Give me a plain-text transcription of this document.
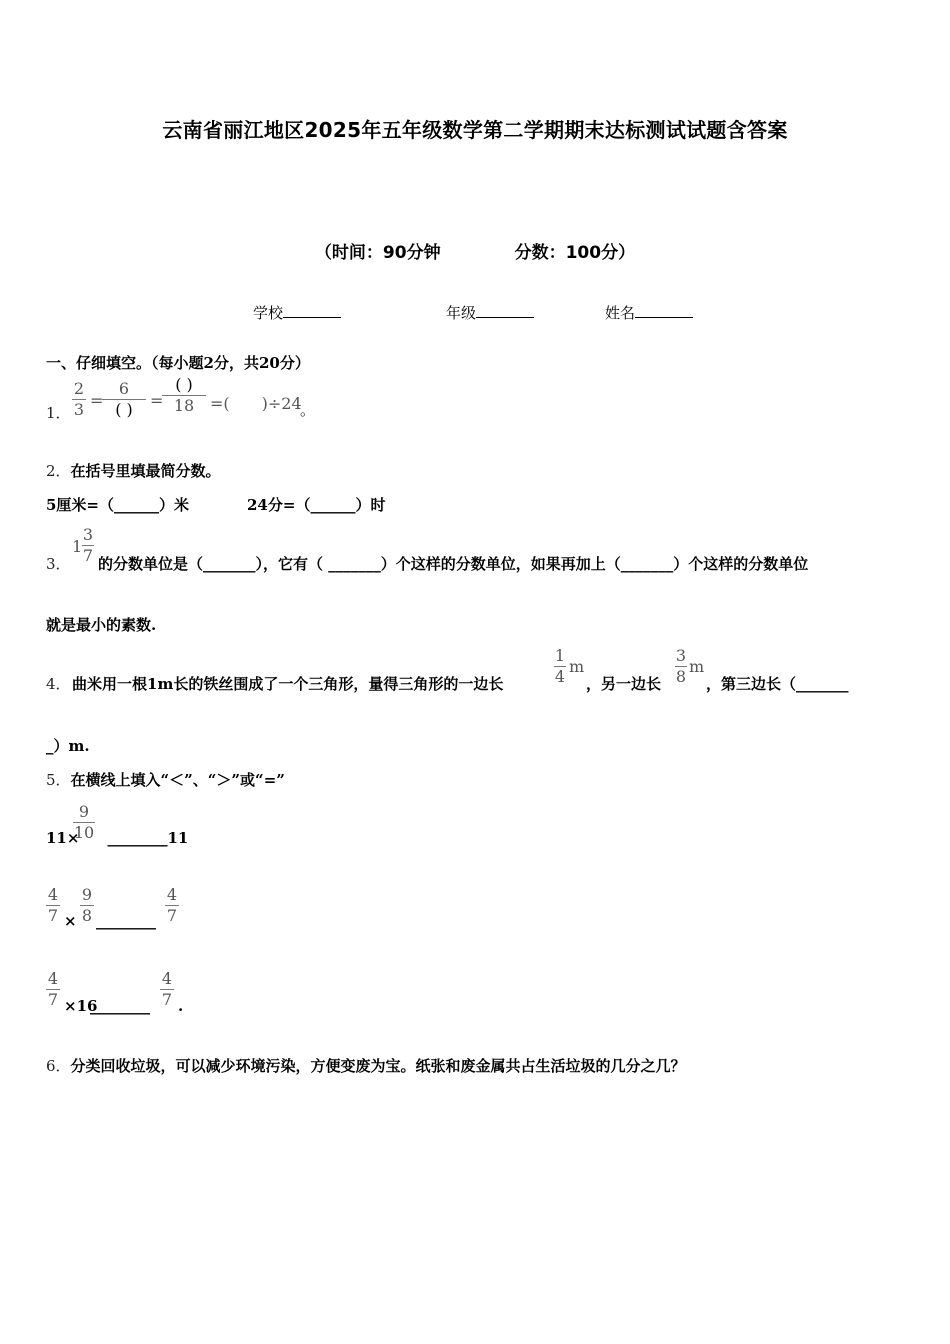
云南省丽江地区2025年五年级数学第二学期期末达标测试试题含答案
（时间：90分钟	分数：100分）
学校	年级	姓名
一、仔细填空。（每小题2分，共20分）
1．
2
3 =
6
( )	=
( )
18 =(　　)÷24
。
2．在括号里填最简分数。
5厘米=（______）米	24分=（______）时
3．
1
3
7 的分数单位是（_______），它有（ _______）个这样的分数单位，如果再加上（_______）个这样的分数单位
就是最小的素数.
4． 曲米用一根1m长的铁丝围成了一个三角形，量得三角形的一边长
1
4
m
，另一边长
3
8
m
，第三边长（_______
_）m.
5．在横线上填入“＜”、“＞”或“=”
9
10
11× ________11
4
7 ×
9
8 ________
4
7
4
7 ×16
________
4
7 .
6．分类回收垃圾，可以减少环境污染，方便变废为宝。纸张和废金属共占生活垃圾的几分之几？
